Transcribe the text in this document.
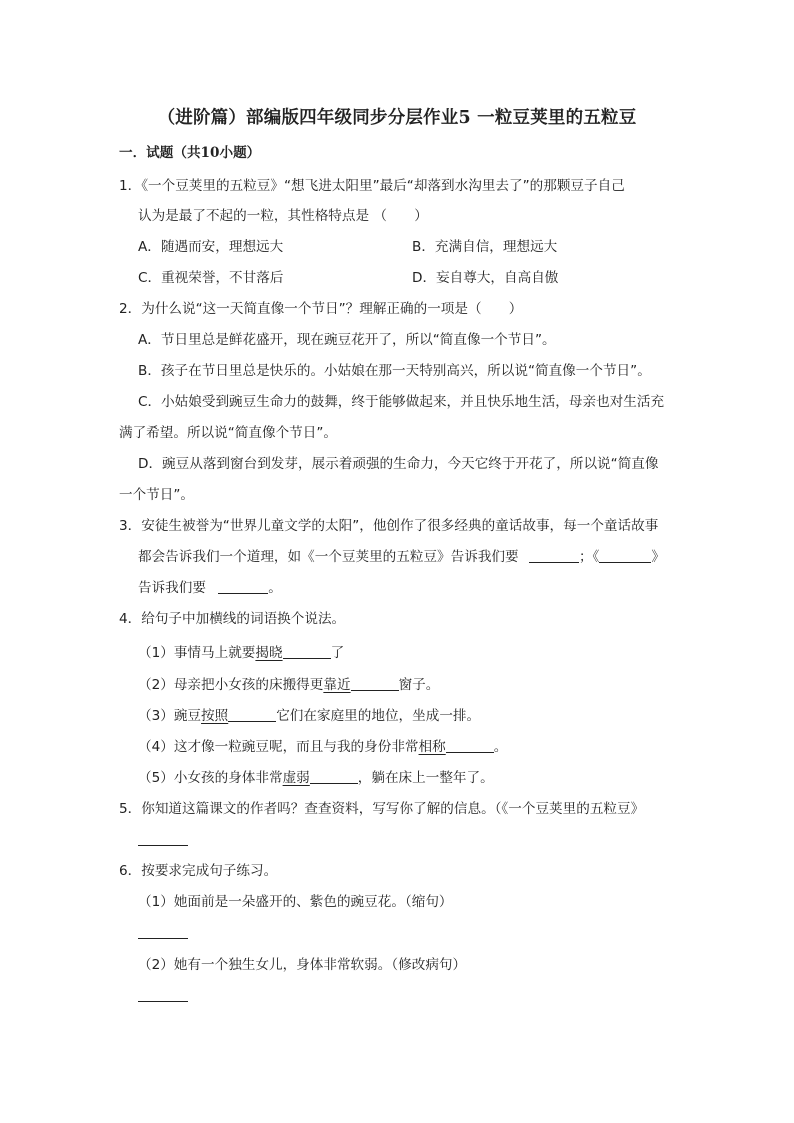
（进阶篇）部编版四年级同步分层作业5 一粒豆荚里的五粒豆
一．试题（共10小题）
1．《一个豆荚里的五粒豆》“想飞进太阳里”最后“却落到水沟里去了”的那颗豆子自己
认为是最了不起的一粒，其性格特点是 （　　）
A．随遇而安，理想远大	B．充满自信，理想远大
C．重视荣誉，不甘落后	D．妄自尊大，自高自傲
2．为什么说“这一天简直像一个节日”？理解正确的一项是（　　）
A．节日里总是鲜花盛开，现在豌豆花开了，所以“简直像一个节日”。
B．孩子在节日里总是快乐的。小姑娘在那一天特别高兴，所以说“简直像一个节日”。
C．小姑娘受到豌豆生命力的鼓舞，终于能够做起来，并且快乐地生活，母亲也对生活充
满了希望。所以说“简直像个节日”。
D．豌豆从落到窗台到发芽，展示着顽强的生命力，今天它终于开花了，所以说“简直像
一个节日”。
3．安徒生被誉为“世界儿童文学的太阳”，他创作了很多经典的童话故事，每一个童话故事
都会告诉我们一个道理，如《一个豆荚里的五粒豆》告诉我们要	；《	》
告诉我们要	。
4．给句子中加横线的词语换个说法。
（1）事情马上就要揭晓	了
（2）母亲把小女孩的床搬得更靠近	窗子。
（3）豌豆按照	它们在家庭里的地位，坐成一排。
（4）这才像一粒豌豆呢，而且与我的身份非常相称	。
（5）小女孩的身体非常虚弱	，躺在床上一整年了。
5．你知道这篇课文的作者吗？查查资料，写写你了解的信息。（《一个豆荚里的五粒豆》
6．按要求完成句子练习。
（1）她面前是一朵盛开的、紫色的豌豆花。（缩句）
（2）她有一个独生女儿，身体非常软弱。（修改病句）
